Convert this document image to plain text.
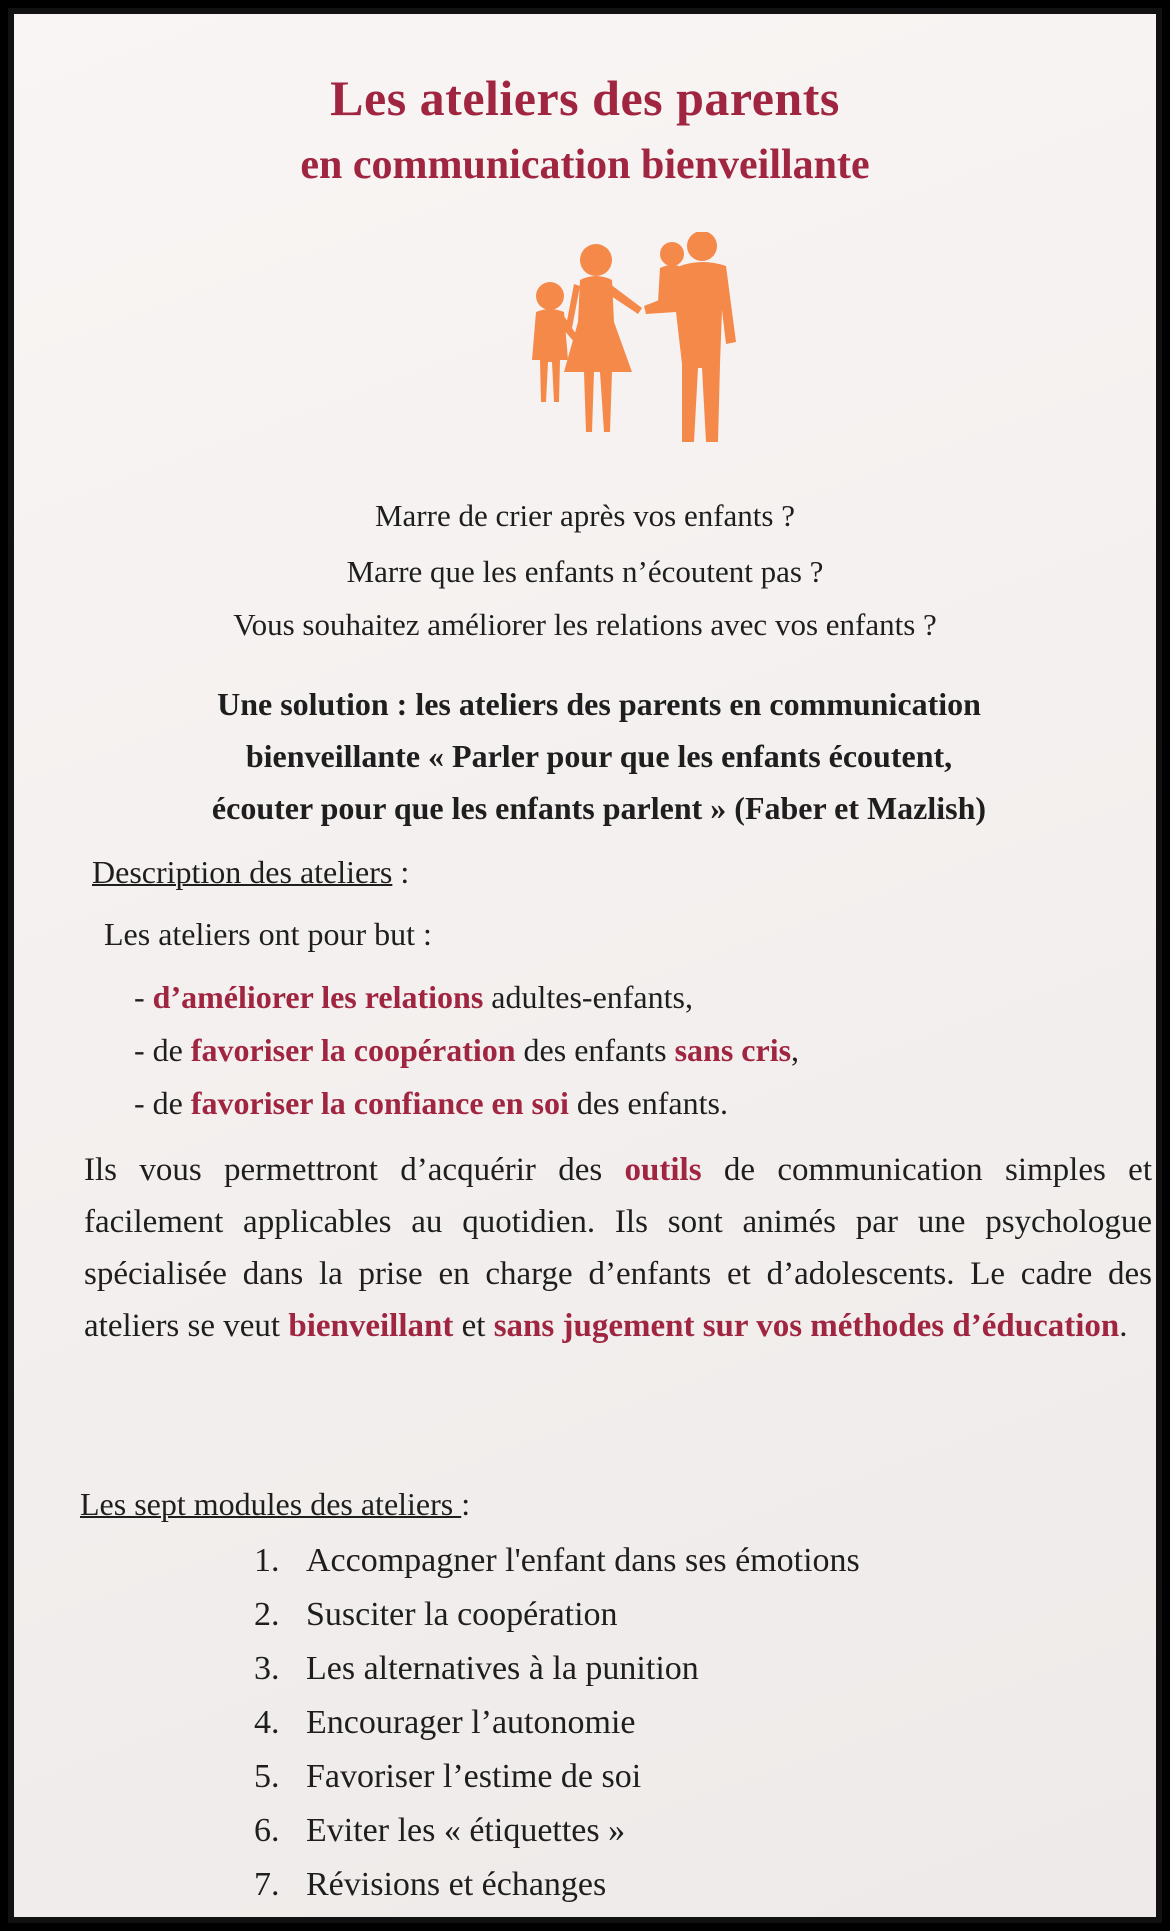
Les ateliers des parents
en communication bienveillante

Marre de crier après vos enfants ?

Marre que les enfants n’écoutent pas ?

Vous souhaitez améliorer les relations avec vos enfants ?

Une solution : les ateliers des parents en communication
bienveillante « Parler pour que les enfants écoutent,
écouter pour que les enfants parlent » (Faber et Mazlish)

Description des ateliers :

Les ateliers ont pour but :

- d’améliorer les relations adultes-enfants,
- de favoriser la coopération des enfants sans cris,
- de favoriser la confiance en soi des enfants.

Ils vous permettront d’acquérir des outils de communication simples et facilement applicables au quotidien. Ils sont animés par une psychologue spécialisée dans la prise en charge d’enfants et d’adolescents. Le cadre des ateliers se veut bienveillant et sans jugement sur vos méthodes d’éducation.

Les sept modules des ateliers :

1. Accompagner l'enfant dans ses émotions
2. Susciter la coopération
3. Les alternatives à la punition
4. Encourager l’autonomie
5. Favoriser l’estime de soi
6. Eviter les « étiquettes »
7. Révisions et échanges
